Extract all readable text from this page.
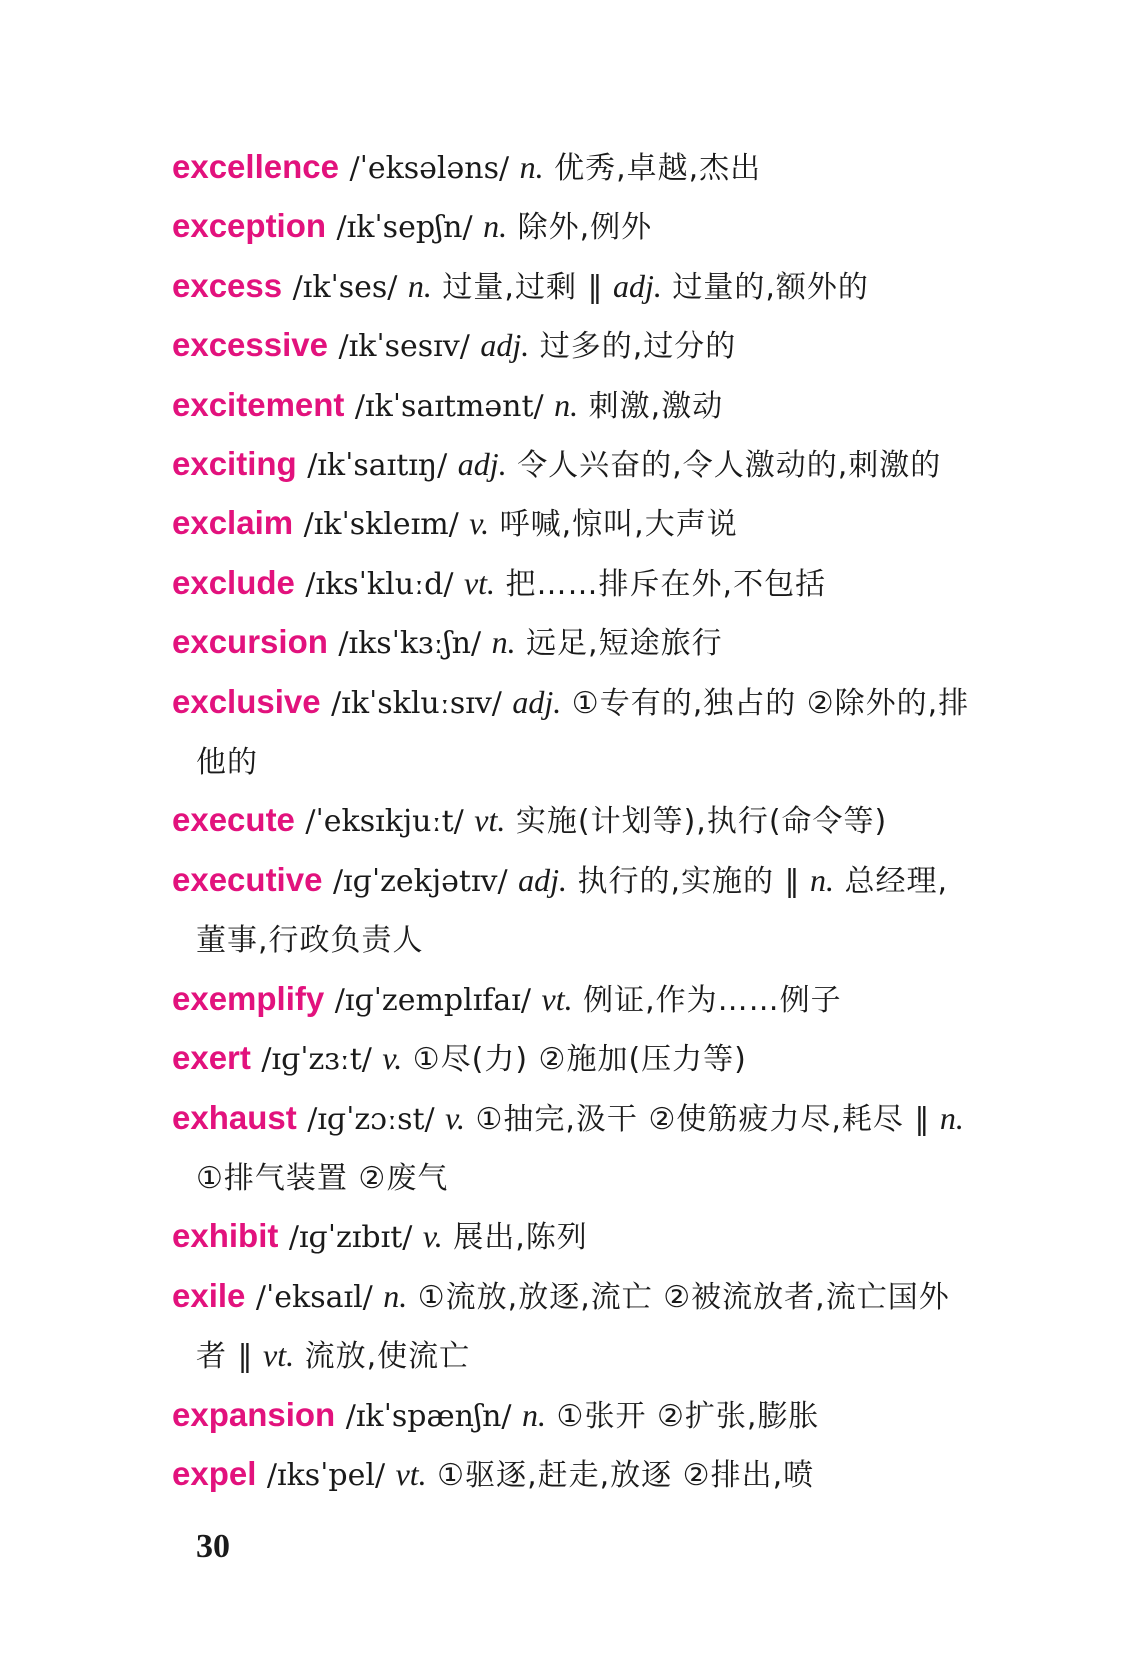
excellence /ˈeksələns/ n. 优秀,卓越,杰出

exception /ɪkˈsepʃn/ n. 除外,例外

excess /ɪkˈses/ n. 过量,过剩 ‖ adj. 过量的,额外的

excessive /ɪkˈsesɪv/ adj. 过多的,过分的

excitement /ɪkˈsaɪtmənt/ n. 刺激,激动

exciting /ɪkˈsaɪtɪŋ/ adj. 令人兴奋的,令人激动的,刺激的

exclaim /ɪkˈskleɪm/ v. 呼喊,惊叫,大声说

exclude /ɪksˈkluːd/ vt. 把……排斥在外,不包括

excursion /ɪksˈkɜːʃn/ n. 远足,短途旅行

exclusive /ɪkˈskluːsɪv/ adj. ①专有的,独占的 ②除外的,排他的

execute /ˈeksɪkjuːt/ vt. 实施(计划等),执行(命令等)

executive /ɪɡˈzekjətɪv/ adj. 执行的,实施的 ‖ n. 总经理,董事,行政负责人

exemplify /ɪɡˈzemplɪfaɪ/ vt. 例证,作为……例子

exert /ɪɡˈzɜːt/ v. ①尽(力) ②施加(压力等)

exhaust /ɪɡˈzɔːst/ v. ①抽完,汲干 ②使筋疲力尽,耗尽 ‖ n. ①排气装置 ②废气

exhibit /ɪɡˈzɪbɪt/ v. 展出,陈列

exile /ˈeksaɪl/ n. ①流放,放逐,流亡 ②被流放者,流亡国外者 ‖ vt. 流放,使流亡

expansion /ɪkˈspænʃn/ n. ①张开 ②扩张,膨胀

expel /ɪksˈpel/ vt. ①驱逐,赶走,放逐 ②排出,喷

30
